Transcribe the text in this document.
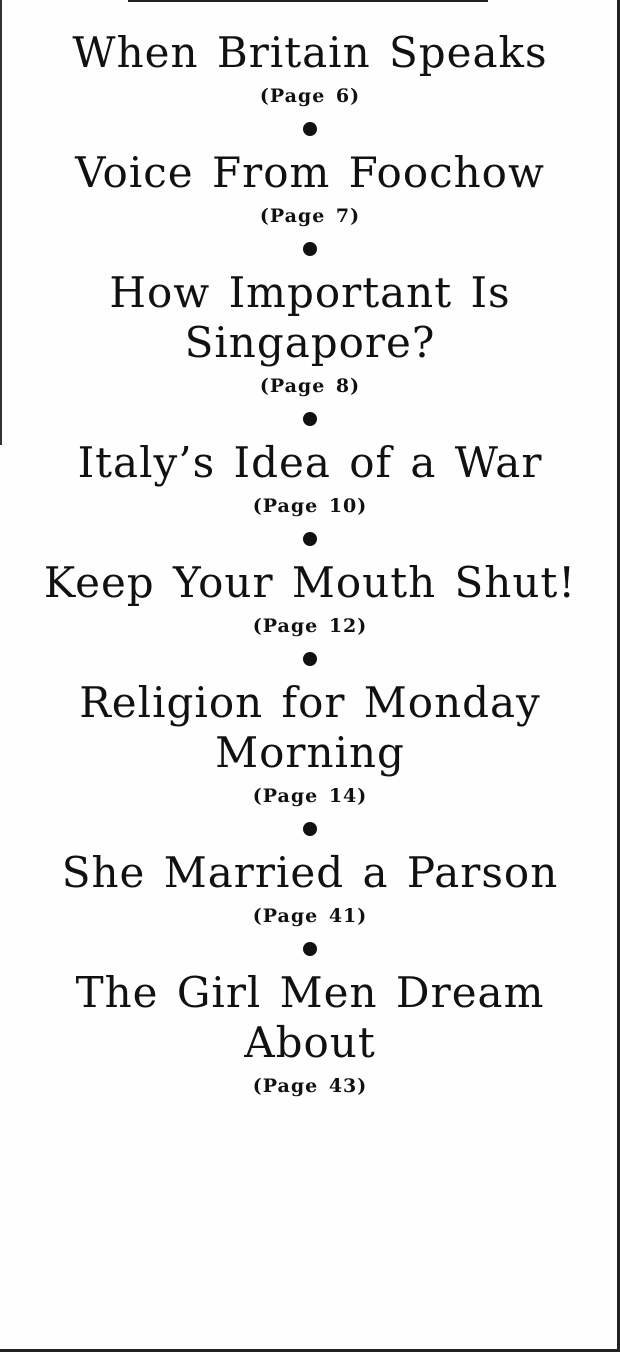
When Britain Speaks
(Page 6)
Voice From Foochow
(Page 7)
How Important Is
Singapore?
(Page 8)
Italy’s Idea of a War
(Page 10)
Keep Your Mouth Shut!
(Page 12)
Religion for Monday
Morning
(Page 14)
She Married a Parson
(Page 41)
The Girl Men Dream
About
(Page 43)
